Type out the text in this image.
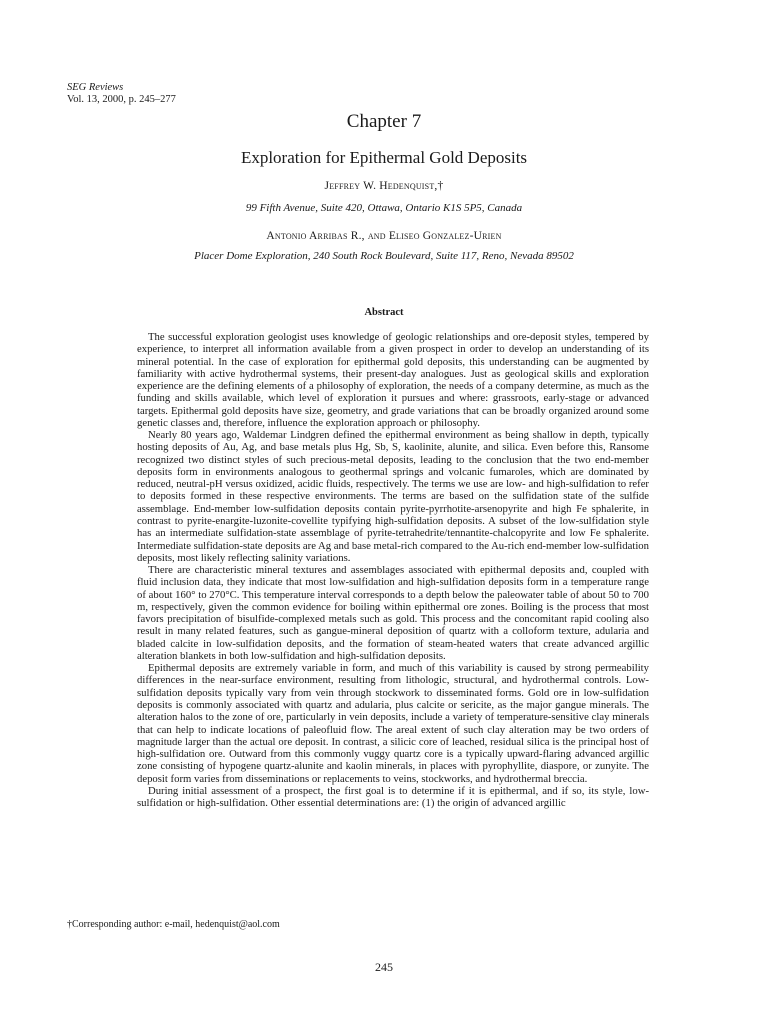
SEG Reviews
Vol. 13, 2000, p. 245–277
Chapter 7
Exploration for Epithermal Gold Deposits
Jeffrey W. Hedenquist,†
99 Fifth Avenue, Suite 420, Ottawa, Ontario K1S 5P5, Canada
Antonio Arribas R., and Eliseo Gonzalez-Urien
Placer Dome Exploration, 240 South Rock Boulevard, Suite 117, Reno, Nevada 89502
Abstract

The successful exploration geologist uses knowledge of geologic relationships and ore-deposit styles, tempered by experience, to interpret all information available from a given prospect in order to develop an understanding of its mineral potential. In the case of exploration for epithermal gold deposits, this understanding can be augmented by familiarity with active hydrothermal systems, their present-day analogues. Just as geological skills and exploration experience are the defining elements of a philosophy of exploration, the needs of a company determine, as much as the funding and skills available, which level of exploration it pursues and where: grassroots, early-stage or advanced targets. Epithermal gold deposits have size, geometry, and grade variations that can be broadly organized around some genetic classes and, therefore, influence the exploration approach or philosophy.

Nearly 80 years ago, Waldemar Lindgren defined the epithermal environment as being shallow in depth, typically hosting deposits of Au, Ag, and base metals plus Hg, Sb, S, kaolinite, alunite, and silica. Even before this, Ransome recognized two distinct styles of such precious-metal deposits, leading to the conclusion that the two end-member deposits form in environments analogous to geothermal springs and volcanic fumaroles, which are dominated by reduced, neutral-pH versus oxidized, acidic fluids, respectively. The terms we use are low- and high-sulfidation to refer to deposits formed in these respective environments. The terms are based on the sulfidation state of the sulfide assemblage. End-member low-sulfidation deposits contain pyrite-pyrrhotite-arsenopyrite and high Fe sphalerite, in contrast to pyrite-enargite-luzonite-covellite typifying high-sulfidation deposits. A subset of the low-sulfidation style has an intermediate sulfidation-state assemblage of pyrite-tetrahedrite/tennantite-chalcopyrite and low Fe sphalerite. Intermediate sulfidation-state deposits are Ag and base metal-rich compared to the Au-rich end-member low-sulfidation deposits, most likely reflecting salinity variations.

There are characteristic mineral textures and assemblages associated with epithermal deposits and, coupled with fluid inclusion data, they indicate that most low-sulfidation and high-sulfidation deposits form in a temperature range of about 160° to 270°C. This temperature interval corresponds to a depth below the paleowater table of about 50 to 700 m, respectively, given the common evidence for boiling within epithermal ore zones. Boiling is the process that most favors precipitation of bisulfide-complexed metals such as gold. This process and the concomitant rapid cooling also result in many related features, such as gangue-mineral deposition of quartz with a colloform texture, adularia and bladed calcite in low-sulfidation deposits, and the formation of steam-heated waters that create advanced argillic alteration blankets in both low-sulfidation and high-sulfidation deposits.

Epithermal deposits are extremely variable in form, and much of this variability is caused by strong permeability differences in the near-surface environment, resulting from lithologic, structural, and hydrothermal controls. Low-sulfidation deposits typically vary from vein through stockwork to disseminated forms. Gold ore in low-sulfidation deposits is commonly associated with quartz and adularia, plus calcite or sericite, as the major gangue minerals. The alteration halos to the zone of ore, particularly in vein deposits, include a variety of temperature-sensitive clay minerals that can help to indicate locations of paleofluid flow. The areal extent of such clay alteration may be two orders of magnitude larger than the actual ore deposit. In contrast, a silicic core of leached, residual silica is the principal host of high-sulfidation ore. Outward from this commonly vuggy quartz core is a typically upward-flaring advanced argillic zone consisting of hypogene quartz-alunite and kaolin minerals, in places with pyrophyllite, diaspore, or zunyite. The deposit form varies from disseminations or replacements to veins, stockworks, and hydrothermal breccia.

During initial assessment of a prospect, the first goal is to determine if it is epithermal, and if so, its style, low-sulfidation or high-sulfidation. Other essential determinations are: (1) the origin of advanced argillic

†Corresponding author: e-mail, hedenquist@aol.com
245
